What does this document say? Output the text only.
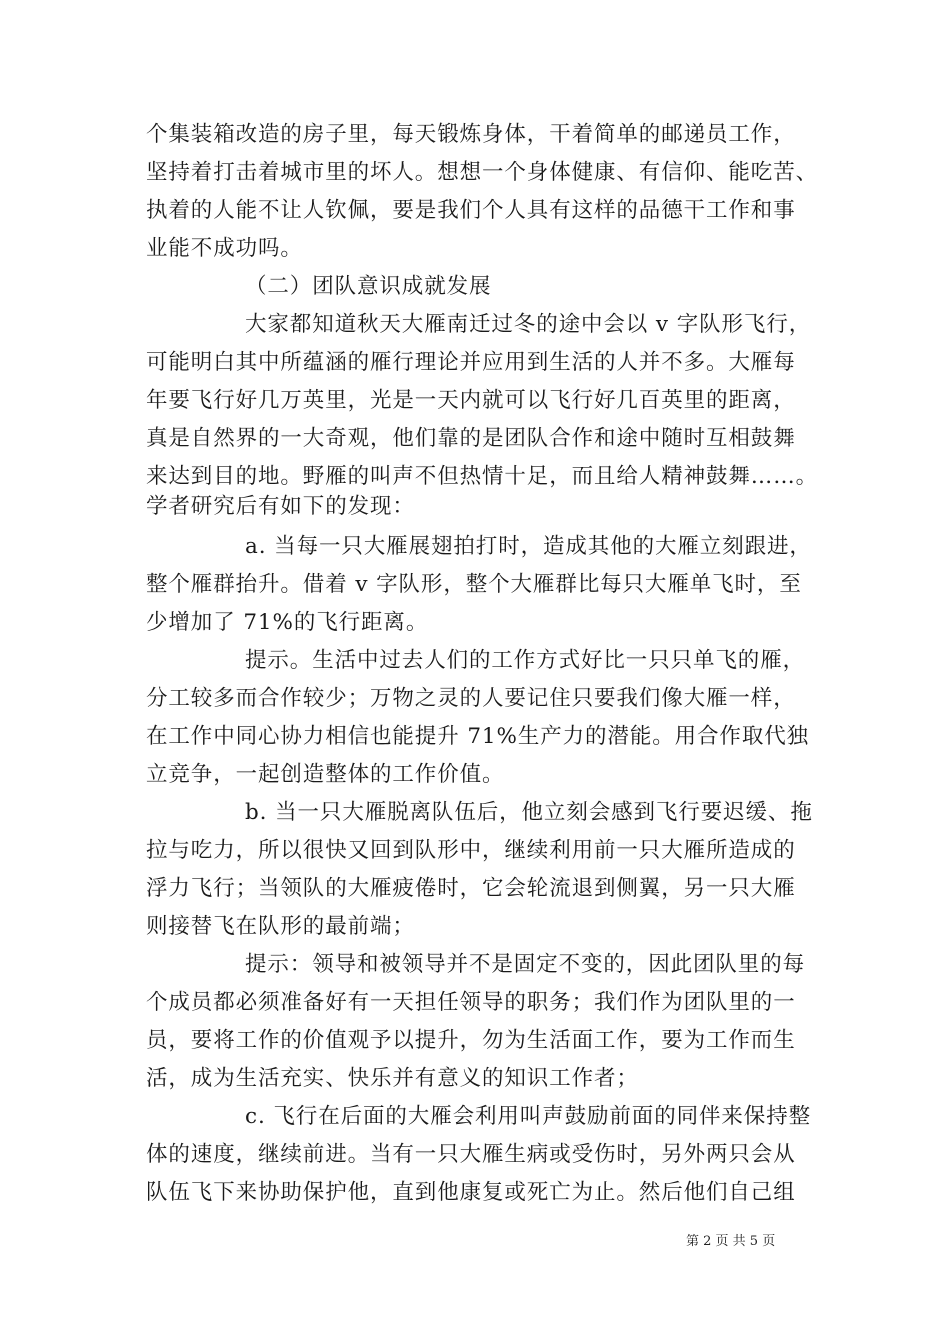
个集装箱改造的房子里，每天锻炼身体，干着简单的邮递员工作，
坚持着打击着城市里的坏人。想想一个身体健康、有信仰、能吃苦、
执着的人能不让人钦佩，要是我们个人具有这样的品德干工作和事
业能不成功吗。
（二）团队意识成就发展
大家都知道秋天大雁南迁过冬的途中会以 v 字队形飞行，
可能明白其中所蕴涵的雁行理论并应用到生活的人并不多。大雁每
年要飞行好几万英里，光是一天内就可以飞行好几百英里的距离，
真是自然界的一大奇观，他们靠的是团队合作和途中随时互相鼓舞
来达到目的地。野雁的叫声不但热情十足，而且给人精神鼓舞……。
学者研究后有如下的发现：
a. 当每一只大雁展翅拍打时，造成其他的大雁立刻跟进，
整个雁群抬升。借着 v 字队形，整个大雁群比每只大雁单飞时，至
少增加了 71%的飞行距离。
提示。生活中过去人们的工作方式好比一只只单飞的雁，
分工较多而合作较少；万物之灵的人要记住只要我们像大雁一样，
在工作中同心协力相信也能提升 71%生产力的潜能。用合作取代独
立竞争，一起创造整体的工作价值。
b. 当一只大雁脱离队伍后，他立刻会感到飞行要迟缓、拖
拉与吃力，所以很快又回到队形中，继续利用前一只大雁所造成的
浮力飞行；当领队的大雁疲倦时，它会轮流退到侧翼，另一只大雁
则接替飞在队形的最前端；
提示：领导和被领导并不是固定不变的，因此团队里的每
个成员都必须准备好有一天担任领导的职务；我们作为团队里的一
员，要将工作的价值观予以提升，勿为生活面工作，要为工作而生
活，成为生活充实、快乐并有意义的知识工作者；
c. 飞行在后面的大雁会利用叫声鼓励前面的同伴来保持整
体的速度，继续前进。当有一只大雁生病或受伤时，另外两只会从
队伍飞下来协助保护他，直到他康复或死亡为止。然后他们自己组
第 2 页 共 5 页
